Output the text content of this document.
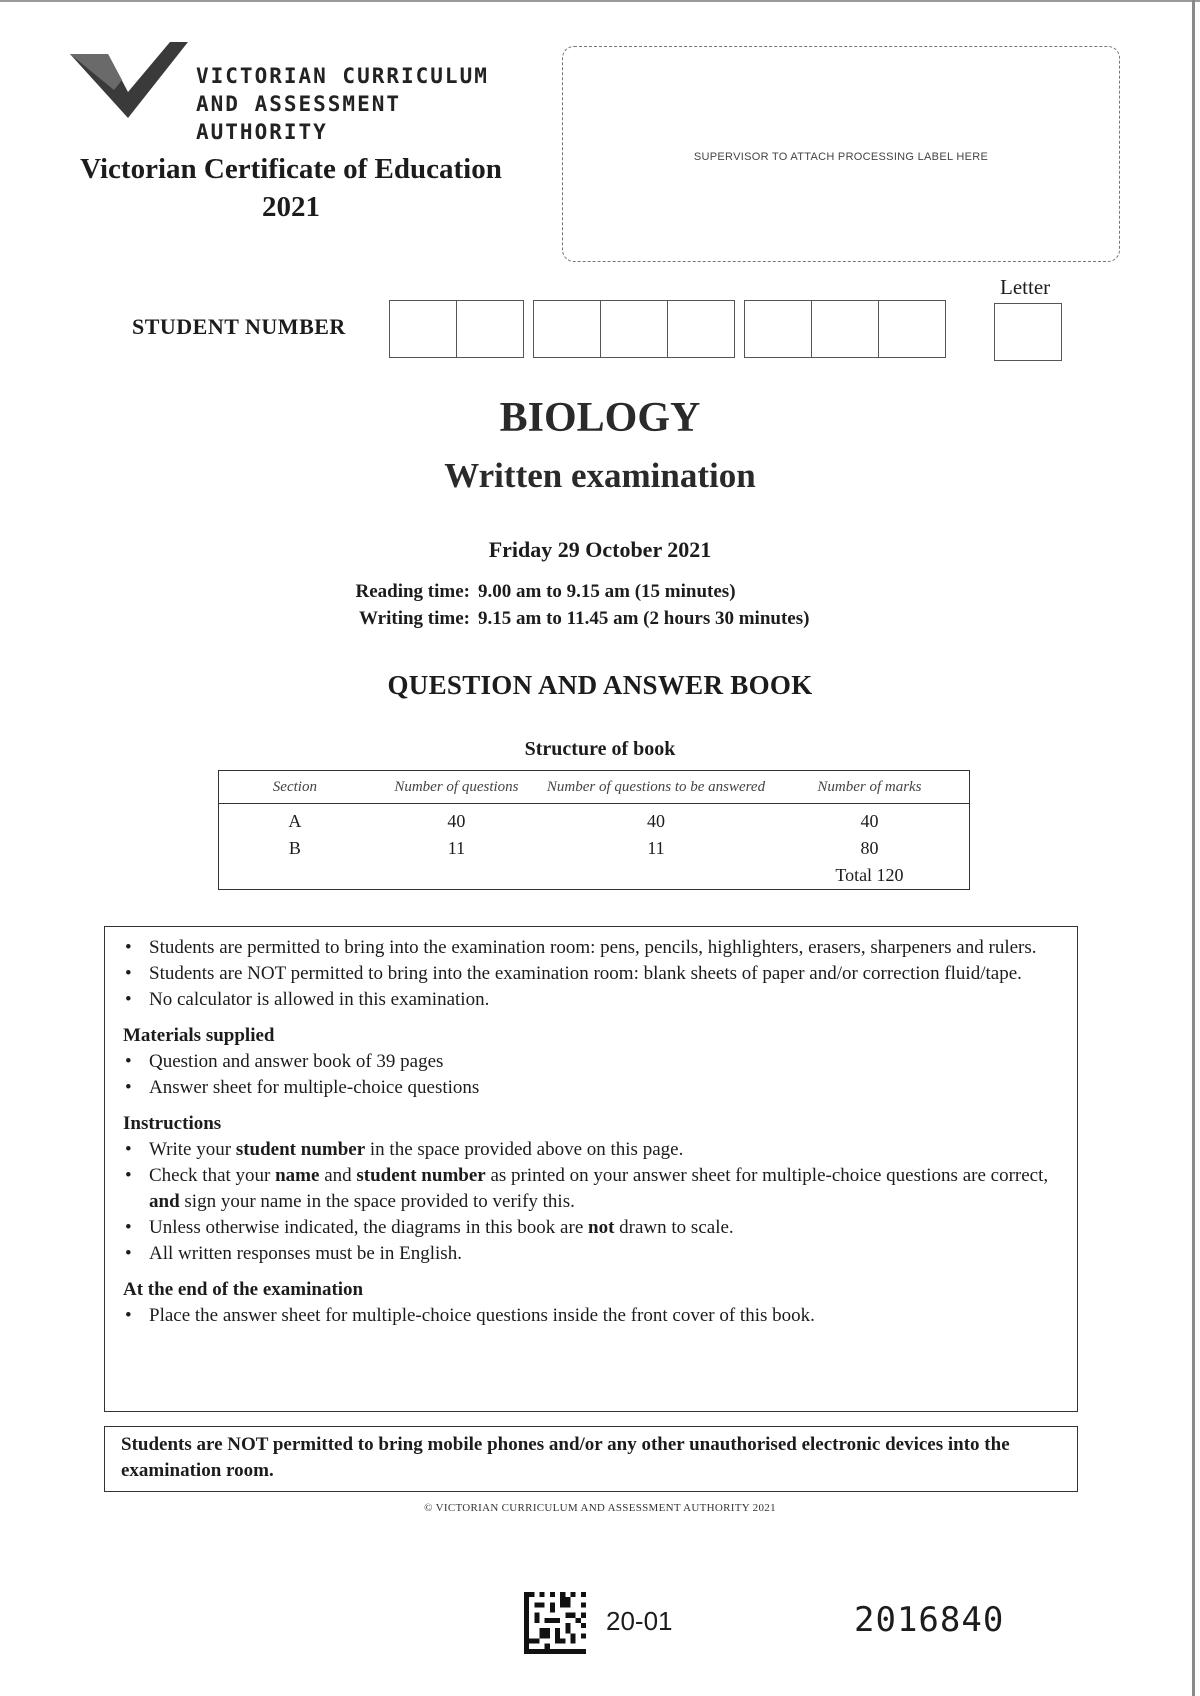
VICTORIAN CURRICULUM
AND ASSESSMENT AUTHORITY
Victorian Certificate of Education
2021
SUPERVISOR TO ATTACH PROCESSING LABEL HERE
STUDENT NUMBER
Letter
BIOLOGY
Written examination
Friday 29 October 2021
Reading time: 9.00 am to 9.15 am (15 minutes)
Writing time: 9.15 am to 11.45 am (2 hours 30 minutes)
QUESTION AND ANSWER BOOK
Structure of book
Section	Number of questions	Number of questions to be answered	Number of marks
A	40	40	40
B	11	11	80
			Total 120
• Students are permitted to bring into the examination room: pens, pencils, highlighters, erasers, sharpeners and rulers.
• Students are NOT permitted to bring into the examination room: blank sheets of paper and/or correction fluid/tape.
• No calculator is allowed in this examination.
Materials supplied
• Question and answer book of 39 pages
• Answer sheet for multiple-choice questions
Instructions
• Write your student number in the space provided above on this page.
• Check that your name and student number as printed on your answer sheet for multiple-choice questions are correct, and sign your name in the space provided to verify this.
• Unless otherwise indicated, the diagrams in this book are not drawn to scale.
• All written responses must be in English.
At the end of the examination
• Place the answer sheet for multiple-choice questions inside the front cover of this book.
Students are NOT permitted to bring mobile phones and/or any other unauthorised electronic devices into the examination room.
© VICTORIAN CURRICULUM AND ASSESSMENT AUTHORITY 2021
20-01	2016840
